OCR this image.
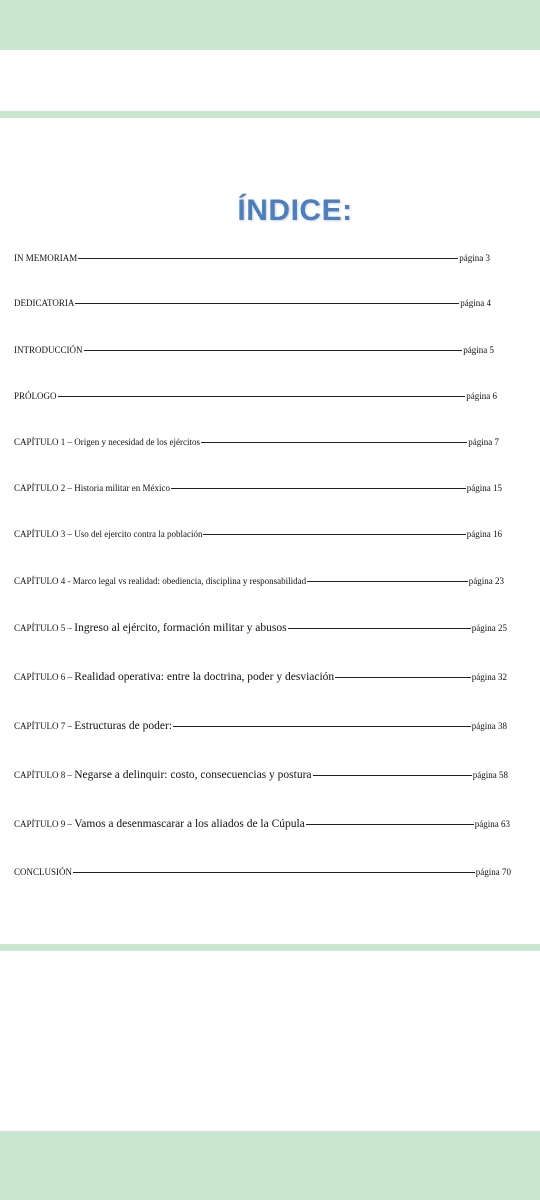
ÍNDICE:
IN MEMORIAM	página 3
DEDICATORIA	página 4
INTRODUCCIÓN	página 5
PRÓLOGO	página 6
CAPÍTULO 1 – Origen y necesidad de los ejércitos	página 7
CAPÍTULO 2 – Historia militar en México	página 15
CAPÍTULO 3 – Uso del ejercito contra la población	página 16
CAPÍTULO 4 - Marco legal vs realidad: obediencia, disciplina y responsabilidad	página 23
CAPÍTULO 5 – Ingreso al ejército, formación militar y abusos	página 25
CAPÍTULO 6 – Realidad operativa: entre la doctrina, poder y desviación	página 32
CAPÍTULO 7 – Estructuras de poder:	página 38
CAPÍTULO 8 – Negarse a delinquir: costo, consecuencias y postura	página 58
CAPÍTULO 9 – Vamos a desenmascarar a los aliados de la Cúpula	página 63
CONCLUSIÓN	página 70
